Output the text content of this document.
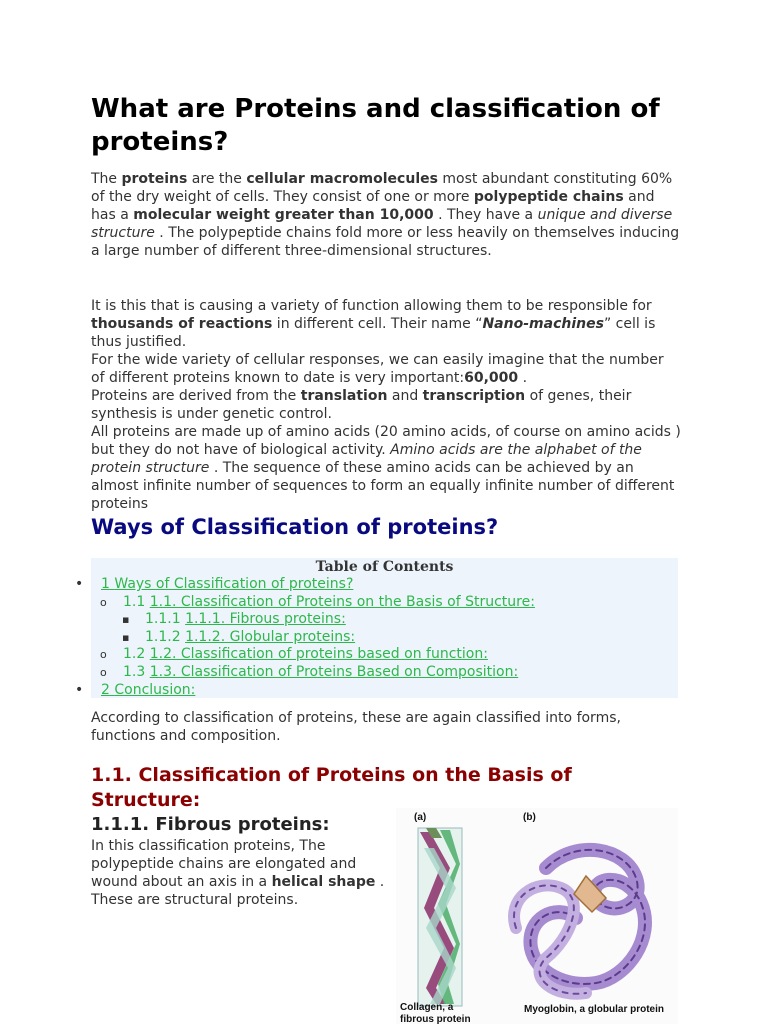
What are Proteins and classification of proteins?

The proteins are the cellular macromolecules most abundant constituting 60% of the dry weight of cells. They consist of one or more polypeptide chains and has a molecular weight greater than 10,000 . They have a unique and diverse structure . The polypeptide chains fold more or less heavily on themselves inducing a large number of different three-dimensional structures.

It is this that is causing a variety of function allowing them to be responsible for thousands of reactions in different cell. Their name “Nano-machines” cell is thus justified.

For the wide variety of cellular responses, we can easily imagine that the number of different proteins known to date is very important:60,000 .

Proteins are derived from the translation and transcription of genes, their synthesis is under genetic control.

All proteins are made up of amino acids (20 amino acids, of course on amino acids ) but they do not have of biological activity. Amino acids are the alphabet of the protein structure . The sequence of these amino acids can be achieved by an almost infinite number of sequences to form an equally infinite number of different proteins

Ways of Classification of proteins?
Table of Contents
• 1 Ways of Classification of proteins?
o 1.1 1.1. Classification of Proteins on the Basis of Structure:
▪ 1.1.1 1.1.1. Fibrous proteins:
▪ 1.1.2 1.1.2. Globular proteins:
o 1.2 1.2. Classification of proteins based on function:
o 1.3 1.3. Classification of Proteins Based on Composition:
• 2 Conclusion:

According to classification of proteins, these are again classified into forms, functions and composition.

1.1. Classification of Proteins on the Basis of Structure:
1.1.1. Fibrous proteins:

In this classification proteins, The polypeptide chains are elongated and wound about an axis in a helical shape . These are structural proteins.

(a)	(b)
Collagen, a
fibrous protein
Myoglobin, a globular protein
